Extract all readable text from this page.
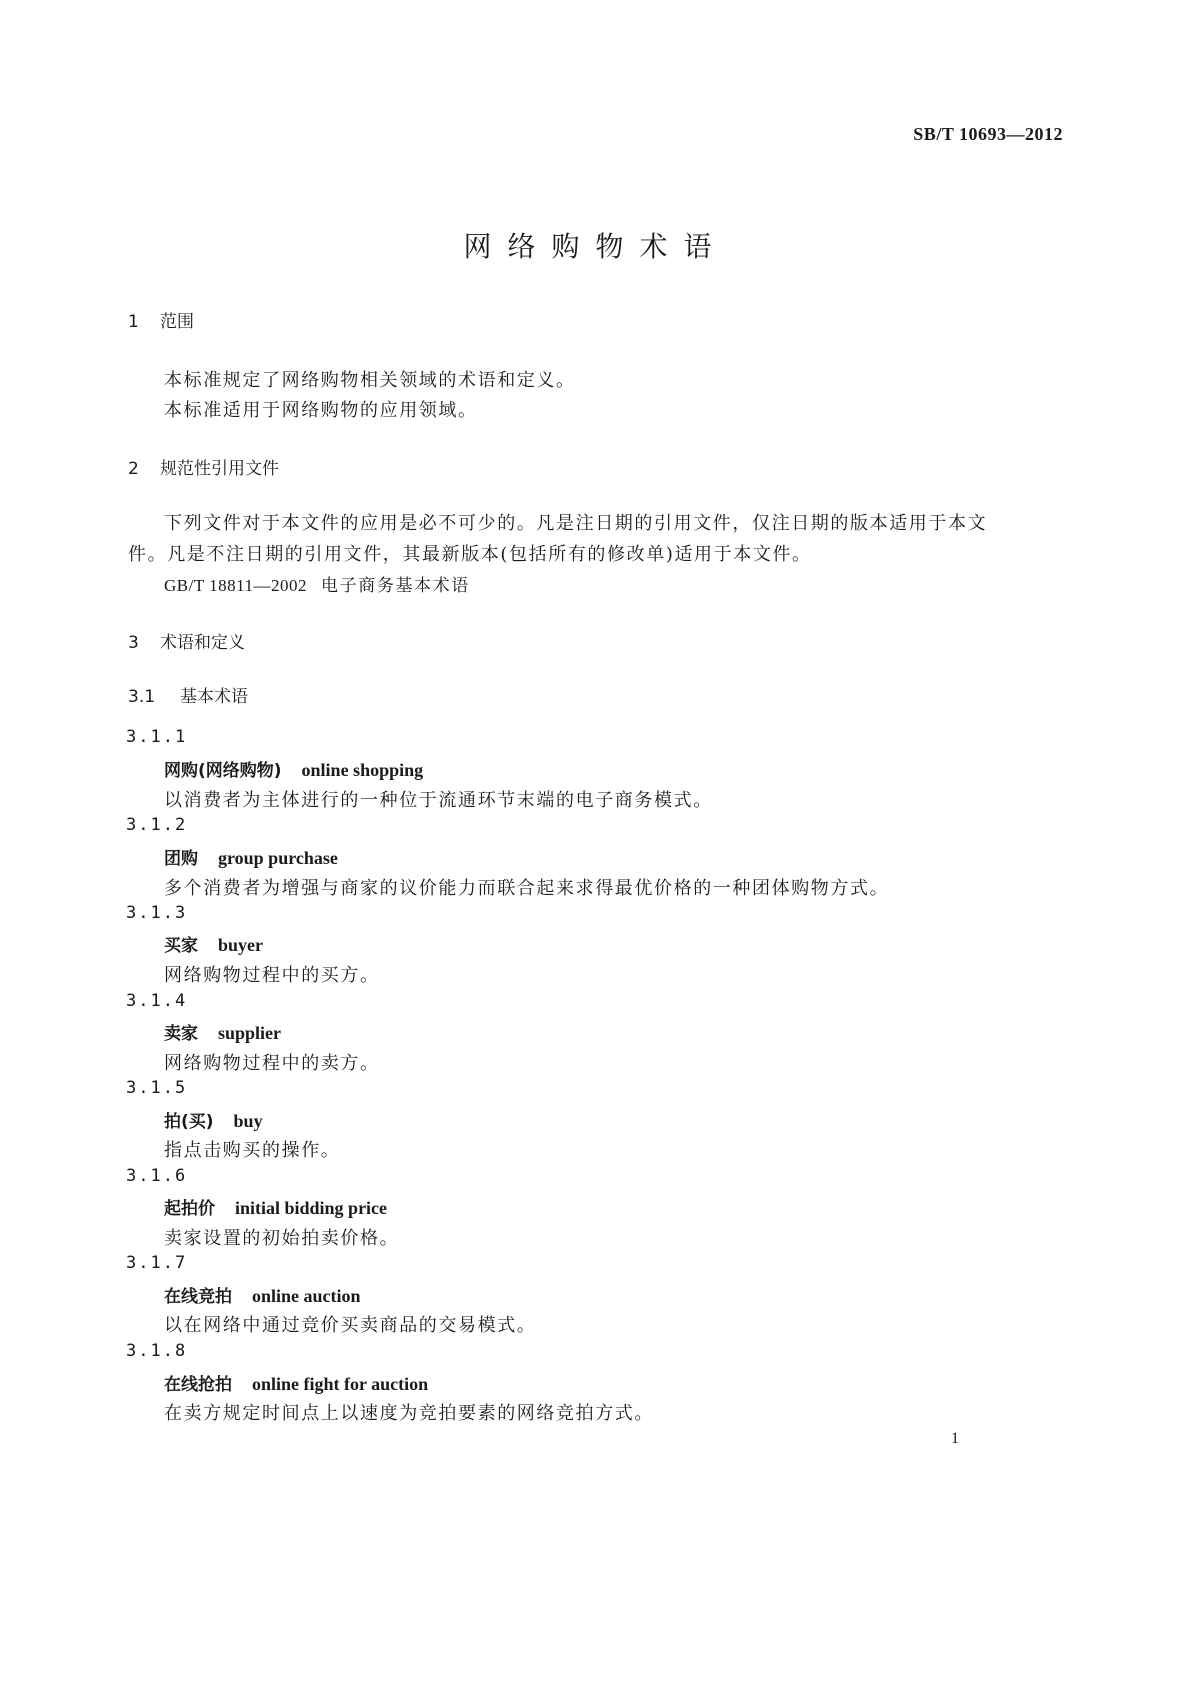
SB/T 10693—2012
网络购物术语
1 范围
本标准规定了网络购物相关领域的术语和定义。
本标准适用于网络购物的应用领域。
2 规范性引用文件
下列文件对于本文件的应用是必不可少的。凡是注日期的引用文件，仅注日期的版本适用于本文件。凡是不注日期的引用文件，其最新版本(包括所有的修改单)适用于本文件。
GB/T 18811—2002 电子商务基本术语
3 术语和定义
3.1 基本术语
3.1.1
网购(网络购物) online shopping
以消费者为主体进行的一种位于流通环节末端的电子商务模式。
3.1.2
团购 group purchase
多个消费者为增强与商家的议价能力而联合起来求得最优价格的一种团体购物方式。
3.1.3
买家 buyer
网络购物过程中的买方。
3.1.4
卖家 supplier
网络购物过程中的卖方。
3.1.5
拍(买) buy
指点击购买的操作。
3.1.6
起拍价 initial bidding price
卖家设置的初始拍卖价格。
3.1.7
在线竞拍 online auction
以在网络中通过竞价买卖商品的交易模式。
3.1.8
在线抢拍 online fight for auction
在卖方规定时间点上以速度为竞拍要素的网络竞拍方式。
1
